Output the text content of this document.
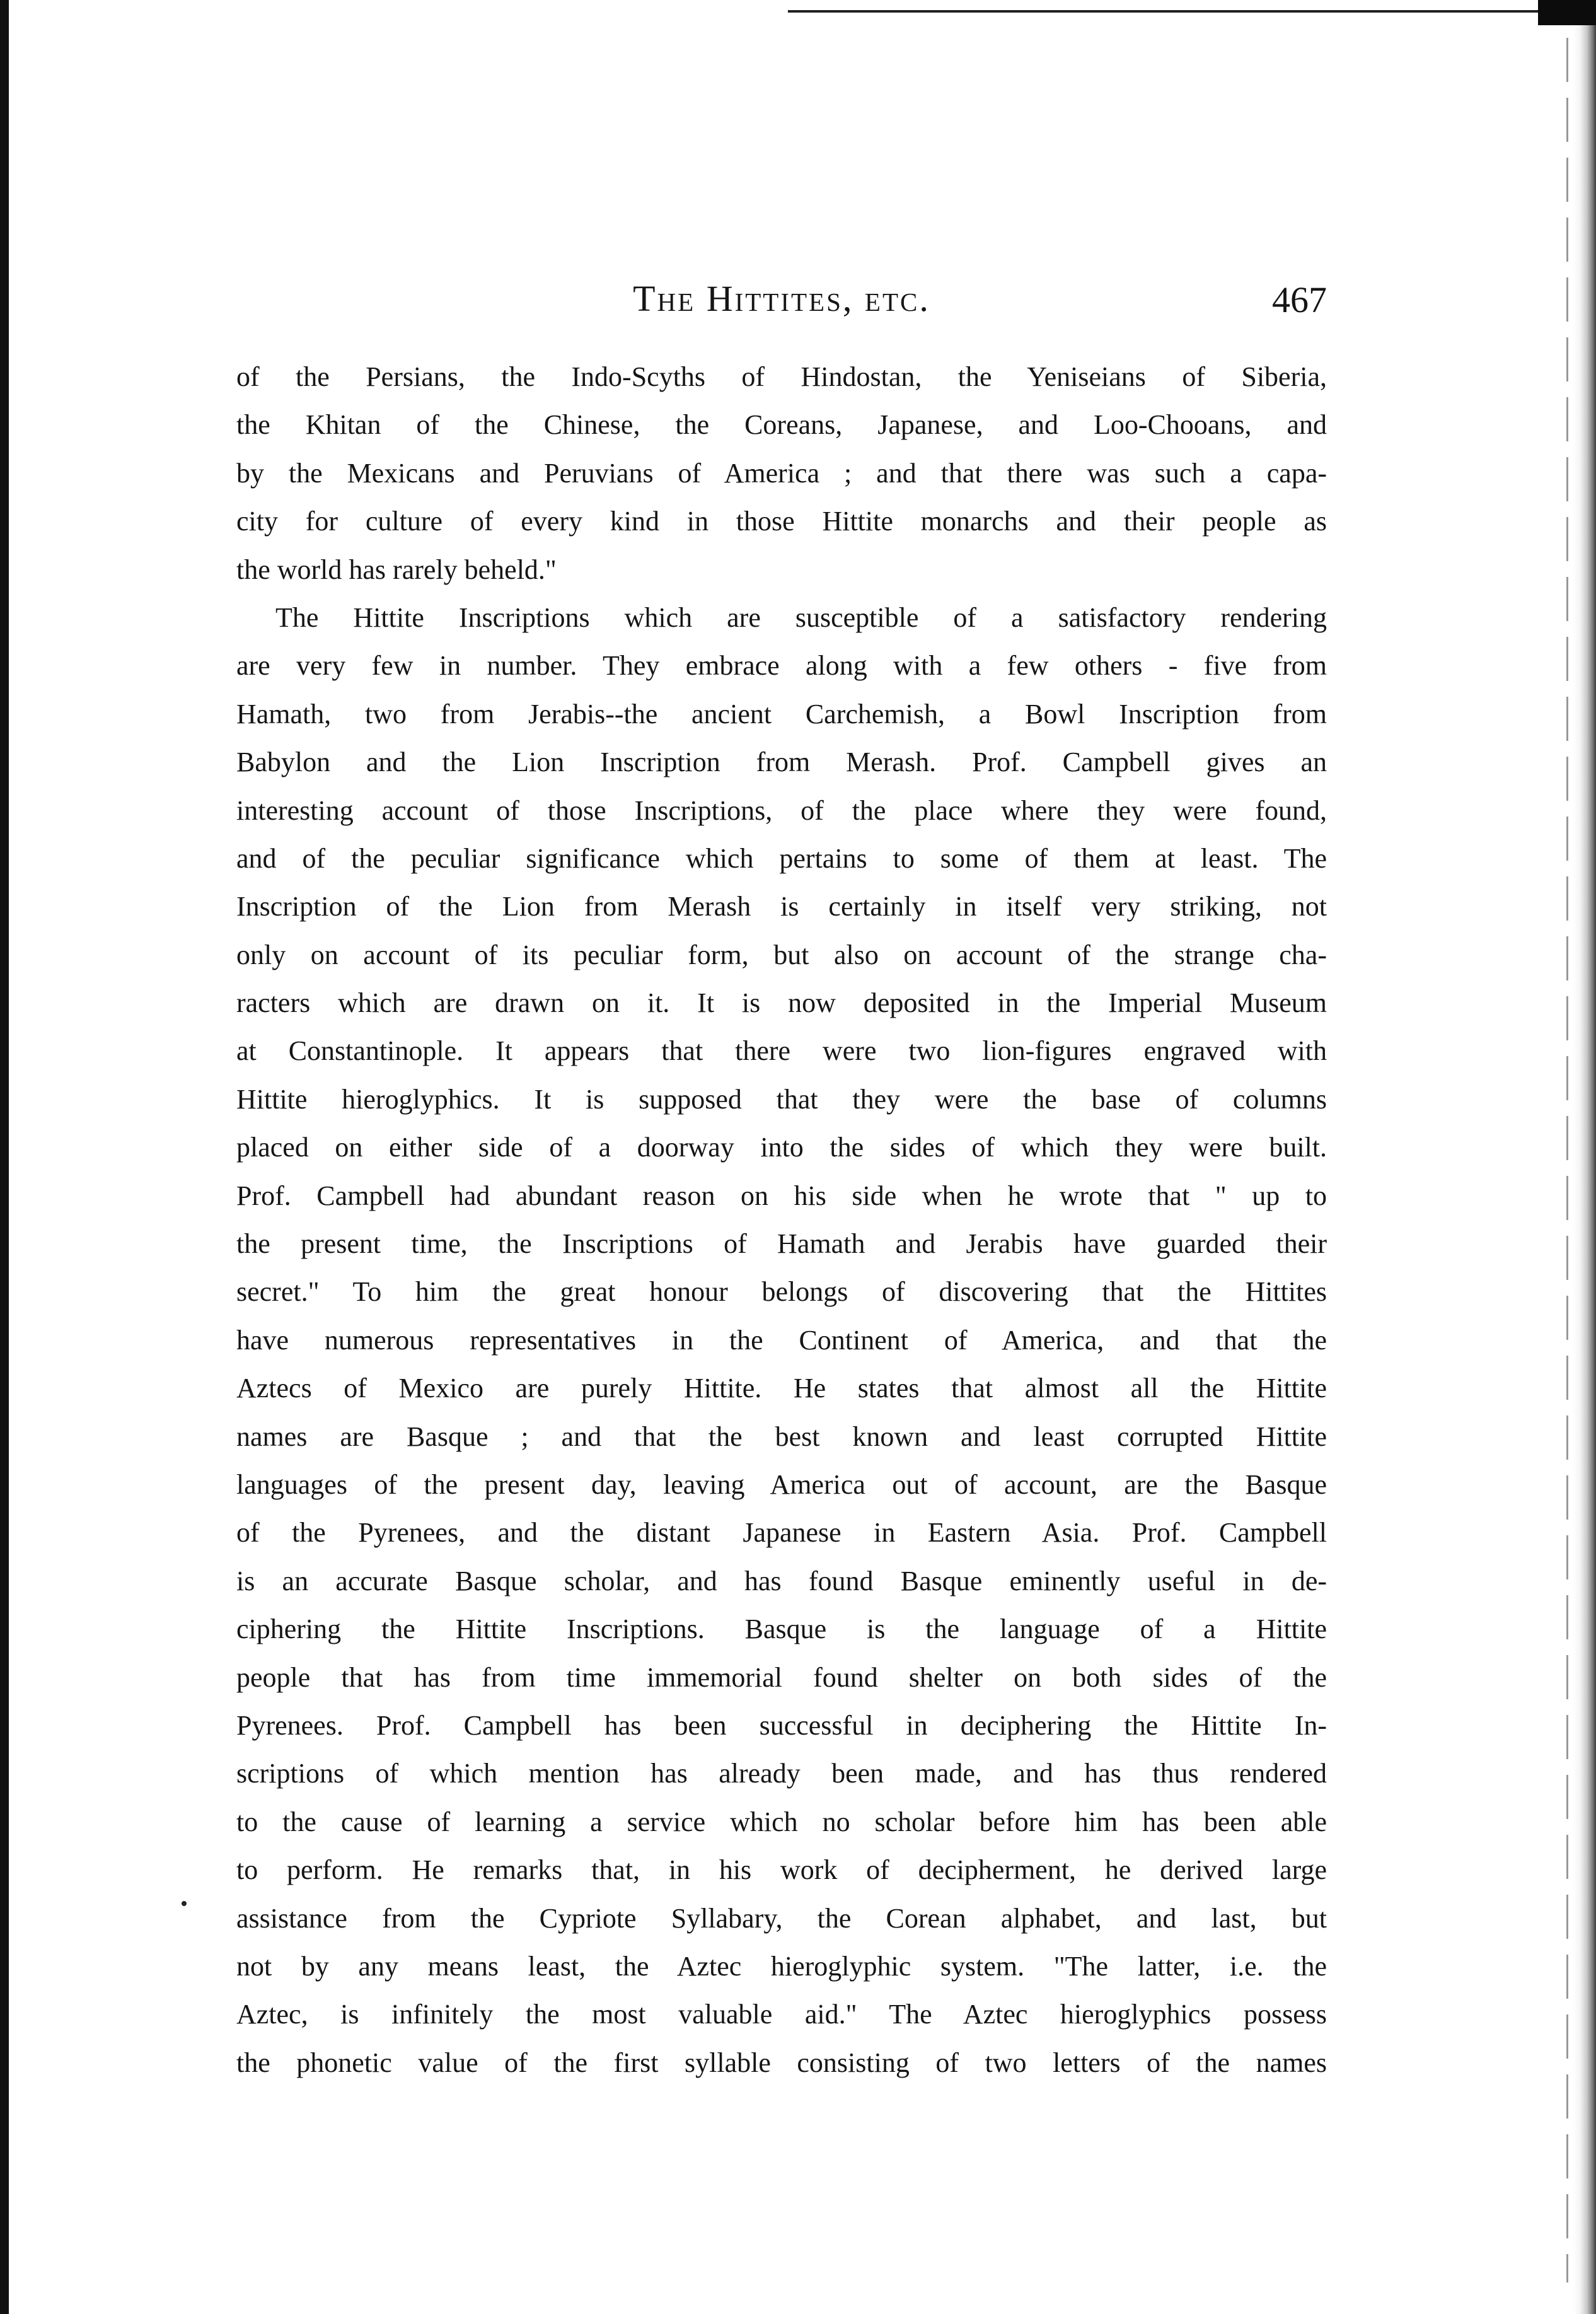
The Hittites, etc.	467
of the Persians, the Indo-Scyths of Hindostan, the Yeniseians of Siberia,
the Khitan of the Chinese, the Coreans, Japanese, and Loo-Chooans, and
by the Mexicans and Peruvians of America ; and that there was such a capa-
city for culture of every kind in those Hittite monarchs and their people as
the world has rarely beheld."
The Hittite Inscriptions which are susceptible of a satisfactory rendering
are very few in number. They embrace along with a few others - five from
Hamath, two from Jerabis--the ancient Carchemish, a Bowl Inscription from
Babylon and the Lion Inscription from Merash. Prof. Campbell gives an
interesting account of those Inscriptions, of the place where they were found,
and of the peculiar significance which pertains to some of them at least. The
Inscription of the Lion from Merash is certainly in itself very striking, not
only on account of its peculiar form, but also on account of the strange cha-
racters which are drawn on it. It is now deposited in the Imperial Museum
at Constantinople. It appears that there were two lion-figures engraved with
Hittite hieroglyphics. It is supposed that they were the base of columns
placed on either side of a doorway into the sides of which they were built.
Prof. Campbell had abundant reason on his side when he wrote that " up to
the present time, the Inscriptions of Hamath and Jerabis have guarded their
secret." To him the great honour belongs of discovering that the Hittites
have numerous representatives in the Continent of America, and that the
Aztecs of Mexico are purely Hittite. He states that almost all the Hittite
names are Basque ; and that the best known and least corrupted Hittite
languages of the present day, leaving America out of account, are the Basque
of the Pyrenees, and the distant Japanese in Eastern Asia. Prof. Campbell
is an accurate Basque scholar, and has found Basque eminently useful in de-
ciphering the Hittite Inscriptions. Basque is the language of a Hittite
people that has from time immemorial found shelter on both sides of the
Pyrenees. Prof. Campbell has been successful in deciphering the Hittite In-
scriptions of which mention has already been made, and has thus rendered
to the cause of learning a service which no scholar before him has been able
to perform. He remarks that, in his work of decipherment, he derived large
assistance from the Cypriote Syllabary, the Corean alphabet, and last, but
not by any means least, the Aztec hieroglyphic system. "The latter, i.e. the
Aztec, is infinitely the most valuable aid." The Aztec hieroglyphics possess
the phonetic value of the first syllable consisting of two letters of the names
